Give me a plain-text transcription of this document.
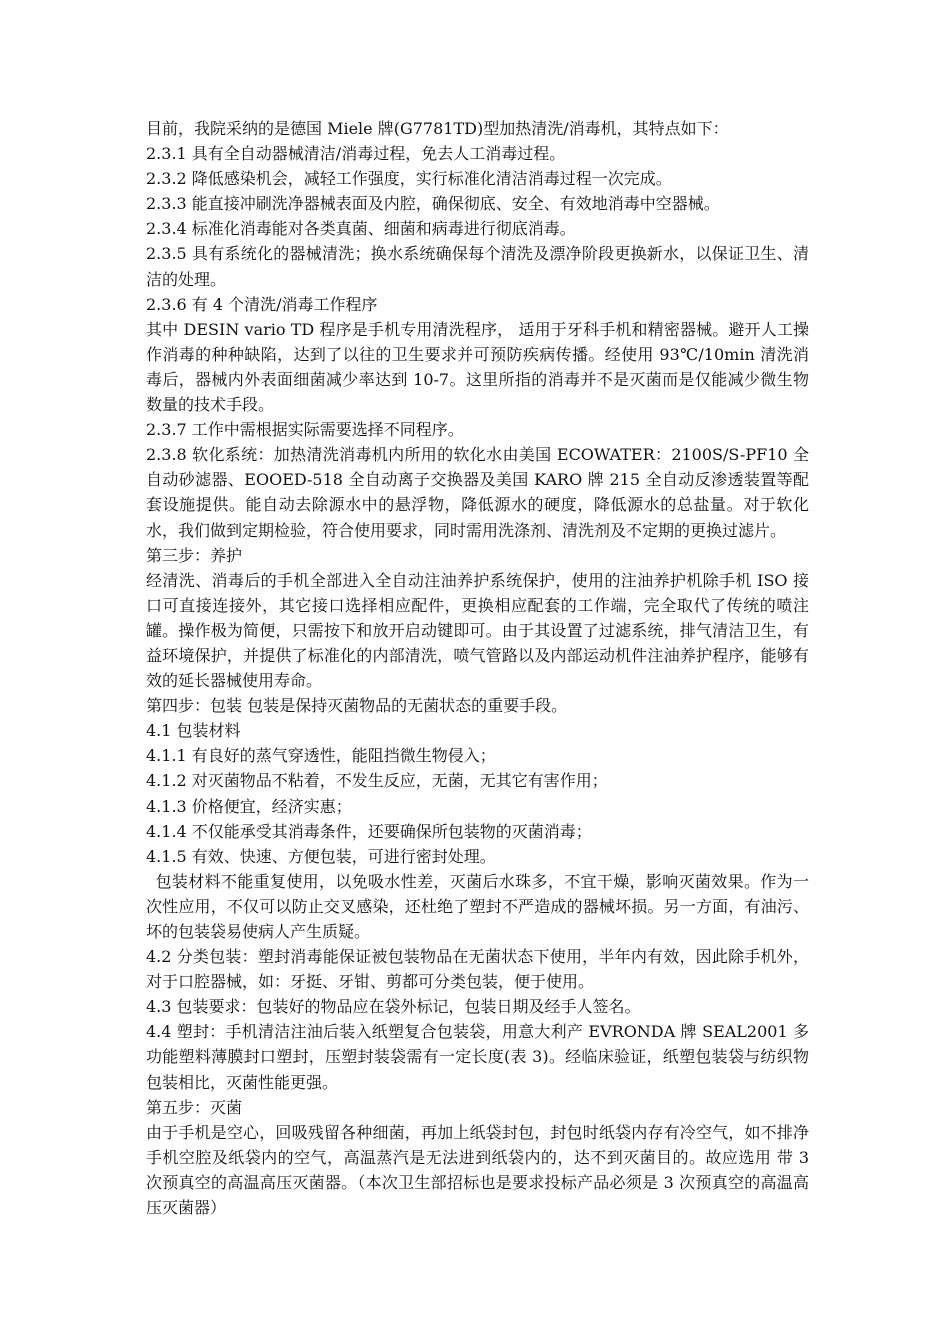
目前，我院采纳的是德国 Miele 牌(G7781TD)型加热清洗/消毒机，其特点如下：

2.3.1 具有全自动器械清洁/消毒过程，免去人工消毒过程。

2.3.2 降低感染机会，减轻工作强度，实行标准化清洁消毒过程一次完成。

2.3.3 能直接冲刷洗净器械表面及内腔，确保彻底、安全、有效地消毒中空器械。

2.3.4 标准化消毒能对各类真菌、细菌和病毒进行彻底消毒。

2.3.5 具有系统化的器械清洗；换水系统确保每个清洗及漂净阶段更换新水，以保证卫生、清洁的处理。

2.3.6 有 4 个清洗/消毒工作程序

其中 DESIN vario TD 程序是手机专用清洗程序， 适用于牙科手机和精密器械。避开人工操作消毒的种种缺陷，达到了以往的卫生要求并可预防疾病传播。经使用 93℃/10min 清洗消毒后，器械内外表面细菌减少率达到 10-7。这里所指的消毒并不是灭菌而是仅能减少微生物数量的技术手段。

2.3.7 工作中需根据实际需要选择不同程序。

2.3.8 软化系统：加热清洗消毒机内所用的软化水由美国 ECOWATER：2100S/S-PF10 全自动砂滤器、EOOED-518 全自动离子交换器及美国 KARO 牌 215 全自动反渗透装置等配套设施提供。能自动去除源水中的悬浮物，降低源水的硬度，降低源水的总盐量。对于软化水，我们做到定期检验，符合使用要求，同时需用洗涤剂、清洗剂及不定期的更换过滤片。

第三步：养护

经清洗、消毒后的手机全部进入全自动注油养护系统保护，使用的注油养护机除手机 ISO 接口可直接连接外，其它接口选择相应配件，更换相应配套的工作端，完全取代了传统的喷注罐。操作极为简便，只需按下和放开启动键即可。由于其设置了过滤系统，排气清洁卫生，有益环境保护，并提供了标准化的内部清洗，喷气管路以及内部运动机件注油养护程序，能够有效的延长器械使用寿命。

第四步：包装 包装是保持灭菌物品的无菌状态的重要手段。

4.1 包装材料

4.1.1 有良好的蒸气穿透性，能阻挡微生物侵入；

4.1.2 对灭菌物品不粘着，不发生反应，无菌，无其它有害作用；

4.1.3 价格便宜，经济实惠；

4.1.4 不仅能承受其消毒条件，还要确保所包装物的灭菌消毒；

4.1.5 有效、快速、方便包装，可进行密封处理。

包装材料不能重复使用，以免吸水性差，灭菌后水珠多，不宜干燥，影响灭菌效果。作为一次性应用，不仅可以防止交叉感染，还杜绝了塑封不严造成的器械坏损。另一方面，有油污、坏的包装袋易使病人产生质疑。

4.2 分类包装：塑封消毒能保证被包装物品在无菌状态下使用，半年内有效，因此除手机外，对于口腔器械，如：牙挺、牙钳、剪都可分类包装，便于使用。

4.3 包装要求：包装好的物品应在袋外标记，包装日期及经手人签名。

4.4 塑封：手机清洁注油后装入纸塑复合包装袋，用意大利产 EVRONDA 牌 SEAL2001 多功能塑料薄膜封口塑封，压塑封装袋需有一定长度(表 3)。经临床验证，纸塑包装袋与纺织物包装相比，灭菌性能更强。

第五步：灭菌

由于手机是空心，回吸残留各种细菌，再加上纸袋封包，封包时纸袋内存有冷空气，如不排净手机空腔及纸袋内的空气，高温蒸汽是无法进到纸袋内的，达不到灭菌目的。故应选用 带 3 次预真空的高温高压灭菌器。（本次卫生部招标也是要求投标产品必须是 3 次预真空的高温高压灭菌器）
